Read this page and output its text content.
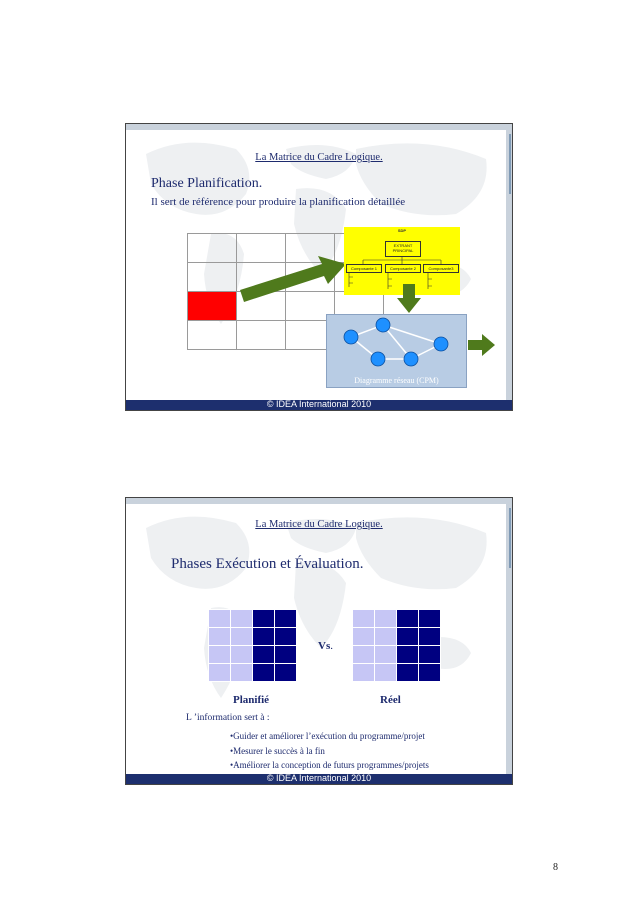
La Matrice du Cadre Logique.
Phase Planification.
Il sert de référence pour produire la planification détaillée

SDP
EXTRANT
PRINCIPAL
Composante 1	Composante 2	Composante3
Diagramme réseau (CPM)
© IDEA International 2010
La Matrice du Cadre Logique.
Phases Exécution et Évaluation.

Vs.

Planifié	Réel
L ’information sert à :
•Guider et améliorer l’exécution du programme/projet
•Mesurer le succès à la fin
•Améliorer la conception de futurs programmes/projets
© IDEA International 2010
8
